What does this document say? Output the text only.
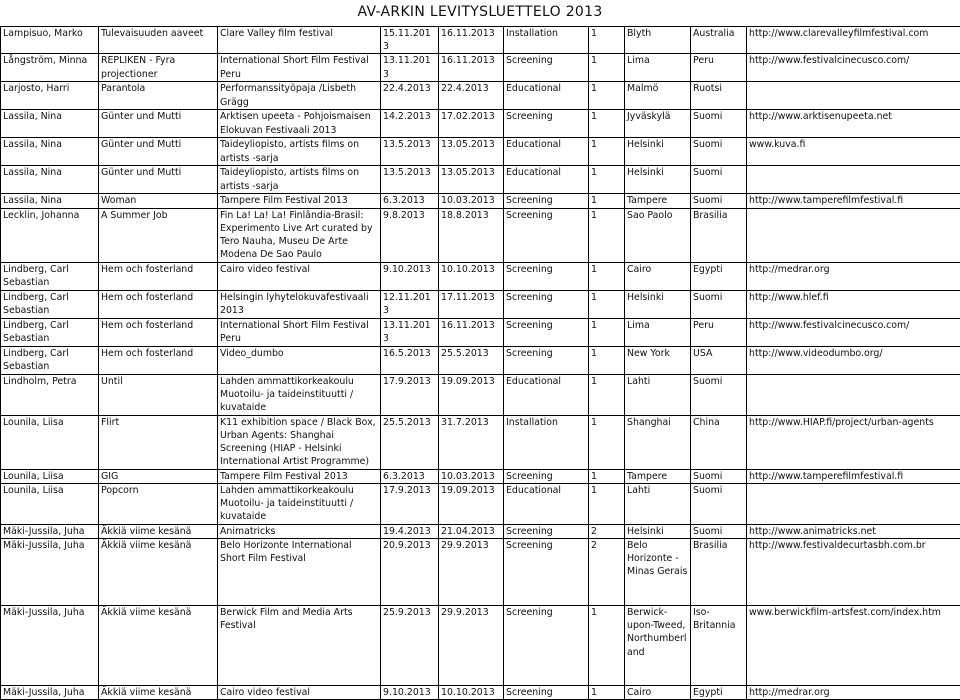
AV-ARKIN LEVITYSLUETTELO 2013
Lampisuo, Marko	Tulevaisuuden aaveet	Clare Valley film festival	15.11.2013	16.11.2013	Installation	1	Blyth	Australia	http://www.clarevalleyfilmfestival.com
Långström, Minna	REPLIKEN - Fyra projectioner	International Short Film Festival Peru	13.11.2013	16.11.2013	Screening	1	Lima	Peru	http://www.festivalcinecusco.com/
Larjosto, Harri	Parantola	Performanssityöpaja /Lisbeth Grägg	22.4.2013	22.4.2013	Educational	1	Malmö	Ruotsi	
Lassila, Nina	Günter und Mutti	Arktisen upeeta - Pohjoismaisen Elokuvan Festivaali 2013	14.2.2013	17.02.2013	Screening	1	Jyväskylä	Suomi	http://www.arktisenupeeta.net
Lassila, Nina	Günter und Mutti	Taideyliopisto, artists films on artists -sarja	13.5.2013	13.05.2013	Educational	1	Helsinki	Suomi	www.kuva.fi
Lassila, Nina	Günter und Mutti	Taideyliopisto, artists films on artists -sarja	13.5.2013	13.05.2013	Educational	1	Helsinki	Suomi	
Lassila, Nina	Woman	Tampere Film Festival 2013	6.3.2013	10.03.2013	Screening	1	Tampere	Suomi	http://www.tamperefilmfestival.fi
Lecklin, Johanna	A Summer Job	Fin La! La! La! Finlândia-Brasil: Experimento Live Art curated by Tero Nauha, Museu De Arte Modena De Sao Paulo	9.8.2013	18.8.2013	Screening	1	Sao Paolo	Brasilia	
Lindberg, Carl Sebastian	Hem och fosterland	Cairo video festival	9.10.2013	10.10.2013	Screening	1	Cairo	Egypti	http://medrar.org
Lindberg, Carl Sebastian	Hem och fosterland	Helsingin lyhytelokuvafestivaali 2013	12.11.2013	17.11.2013	Screening	1	Helsinki	Suomi	http://www.hlef.fi
Lindberg, Carl Sebastian	Hem och fosterland	International Short Film Festival Peru	13.11.2013	16.11.2013	Screening	1	Lima	Peru	http://www.festivalcinecusco.com/
Lindberg, Carl Sebastian	Hem och fosterland	Video_dumbo	16.5.2013	25.5.2013	Screening	1	New York	USA	http://www.videodumbo.org/
Lindholm, Petra	Until	Lahden ammattikorkeakoulu Muotoilu- ja taideinstituutti / kuvataide	17.9.2013	19.09.2013	Educational	1	Lahti	Suomi	
Lounila, Liisa	Flirt	K11 exhibition space / Black Box, Urban Agents: Shanghai Screening (HIAP - Helsinki International Artist Programme)	25.5.2013	31.7.2013	Installation	1	Shanghai	China	http://www.HIAP.fi/project/urban-agents
Lounila, Liisa	GIG	Tampere Film Festival 2013	6.3.2013	10.03.2013	Screening	1	Tampere	Suomi	http://www.tamperefilmfestival.fi
Lounila, Liisa	Popcorn	Lahden ammattikorkeakoulu Muotoilu- ja taideinstituutti / kuvataide	17.9.2013	19.09.2013	Educational	1	Lahti	Suomi	
Mäki-Jussila, Juha	Äkkiä viime kesänä	Animatricks	19.4.2013	21.04.2013	Screening	2	Helsinki	Suomi	http://www.animatricks.net
Mäki-Jussila, Juha	Äkkiä viime kesänä	Belo Horizonte International Short Film Festival	20.9.2013	29.9.2013	Screening	2	Belo Horizonte - Minas Gerais	Brasilia	http://www.festivaldecurtasbh.com.br
Mäki-Jussila, Juha	Äkkiä viime kesänä	Berwick Film and Media Arts Festival	25.9.2013	29.9.2013	Screening	1	Berwick-upon-Tweed, Northumberl and	Iso-Britannia	www.berwickfilm-artsfest.com/index.htm
Mäki-Jussila, Juha	Äkkiä viime kesänä	Cairo video festival	9.10.2013	10.10.2013	Screening	1	Cairo	Egypti	http://medrar.org
